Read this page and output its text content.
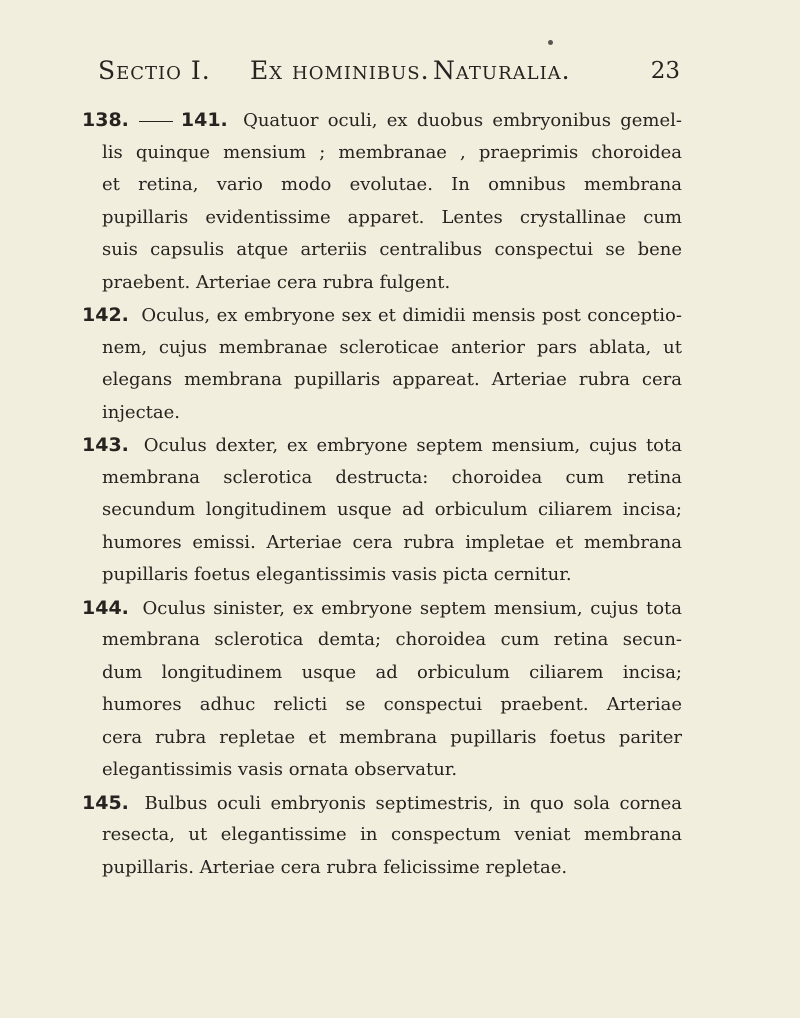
Sectio I. Ex hominibus. Naturalia.	23
138.	141. Quatuor oculi, ex duobus embryonibus gemel-
lis quinque mensium ; membranae , praeprimis choroidea
et retina, vario modo evolutae. In omnibus membrana
pupillaris evidentissime apparet. Lentes crystallinae cum
suis capsulis atque arteriis centralibus conspectui se bene
praebent. Arteriae cera rubra fulgent.
142. Oculus, ex embryone sex et dimidii mensis post conceptio-
nem, cujus membranae scleroticae anterior pars ablata, ut
elegans membrana pupillaris appareat. Arteriae rubra cera
injectae.
143. Oculus dexter, ex embryone septem mensium, cujus tota
membrana sclerotica destructa: choroidea cum retina
secundum longitudinem usque ad orbiculum ciliarem incisa;
humores emissi. Arteriae cera rubra impletae et membrana
pupillaris foetus elegantissimis vasis picta cernitur.
144. Oculus sinister, ex embryone septem mensium, cujus tota
membrana sclerotica demta; choroidea cum retina secun-
dum longitudinem usque ad orbiculum ciliarem incisa;
humores adhuc relicti se conspectui praebent. Arteriae
cera rubra repletae et membrana pupillaris foetus pariter
elegantissimis vasis ornata observatur.
145. Bulbus oculi embryonis septimestris, in quo sola cornea
resecta, ut elegantissime in conspectum veniat membrana
pupillaris. Arteriae cera rubra felicissime repletae.
